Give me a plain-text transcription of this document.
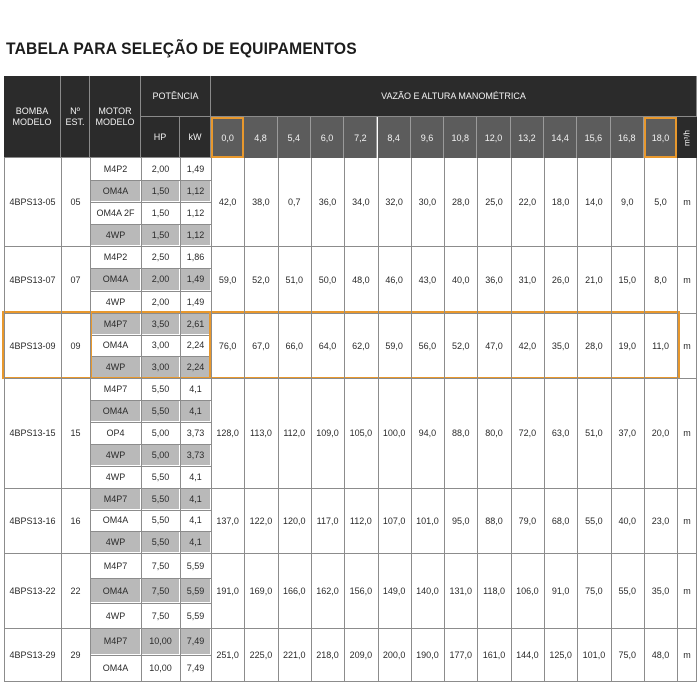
TABELA PARA SELEÇÃO DE EQUIPAMENTOS
BOMBA MODELO
Nº EST.
MOTOR MODELO
POTÊNCIA
HP	kW
VAZÃO E ALTURA MANOMÉTRICA
0,0	4,8	5,4	6,0	7,2	8,4	9,6	10,8	12,0	13,2	14,4	15,6	16,8	18,0	m³/h
4BPS13-05	05
M4P2	2,00	1,49
OM4A	1,50	1,12
OM4A 2F	1,50	1,12
4WP	1,50	1,12
42,0	38,0	0,7	36,0	34,0	32,0	30,0	28,0	25,0	22,0	18,0	14,0	9,0	5,0	m
4BPS13-07	07
M4P2	2,50	1,86
OM4A	2,00	1,49
4WP	2,00	1,49
59,0	52,0	51,0	50,0	48,0	46,0	43,0	40,0	36,0	31,0	26,0	21,0	15,0	8,0	m
4BPS13-09	09
M4P7	3,50	2,61
OM4A	3,00	2,24
4WP	3,00	2,24
76,0	67,0	66,0	64,0	62,0	59,0	56,0	52,0	47,0	42,0	35,0	28,0	19,0	11,0	m
4BPS13-15	15
M4P7	5,50	4,1
OM4A	5,50	4,1
OP4	5,00	3,73
4WP	5,00	3,73
4WP	5,50	4,1
128,0	113,0	112,0	109,0	105,0	100,0	94,0	88,0	80,0	72,0	63,0	51,0	37,0	20,0	m
4BPS13-16	16
M4P7	5,50	4,1
OM4A	5,50	4,1
4WP	5,50	4,1
137,0	122,0	120,0	117,0	112,0	107,0	101,0	95,0	88,0	79,0	68,0	55,0	40,0	23,0	m
4BPS13-22	22
M4P7	7,50	5,59
OM4A	7,50	5,59
4WP	7,50	5,59
191,0	169,0	166,0	162,0	156,0	149,0	140,0	131,0	118,0	106,0	91,0	75,0	55,0	35,0	m
4BPS13-29	29
M4P7	10,00	7,49
OM4A	10,00	7,49
251,0	225,0	221,0	218,0	209,0	200,0	190,0	177,0	161,0	144,0	125,0	101,0	75,0	48,0	m
